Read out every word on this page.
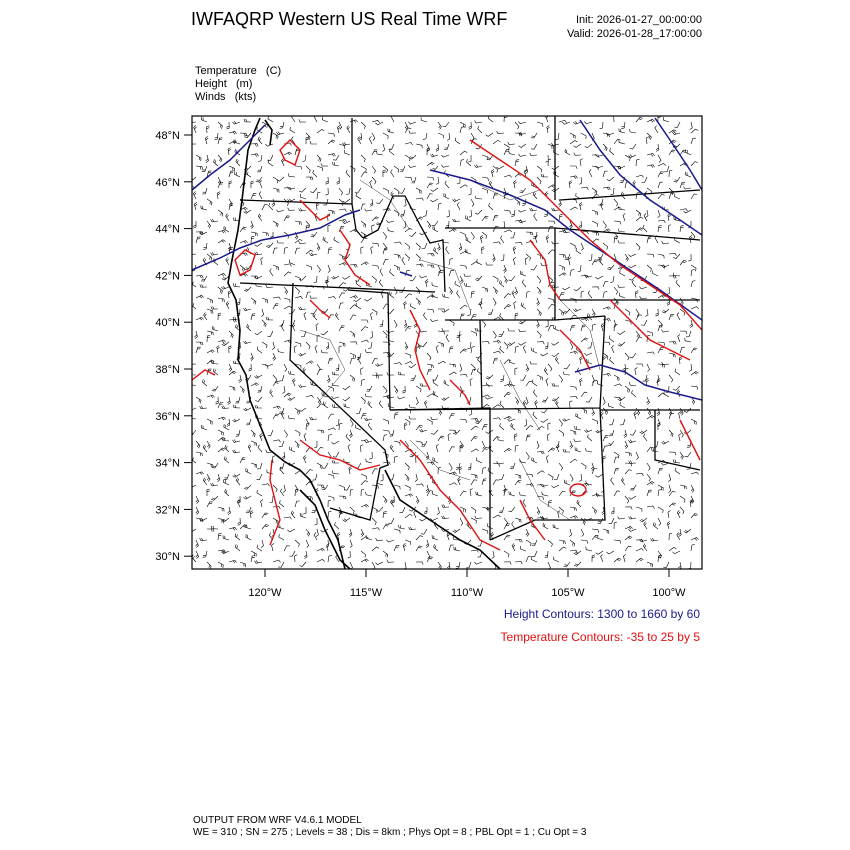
IWFAQRP Western US Real Time WRF	Init: 2026-01-27_00:00:00
Valid: 2026-01-28_17:00:00
Temperature   (C)
Height   (m)
Winds   (kts)
48°N
46°N
44°N
42°N
40°N
38°N
36°N
34°N
32°N
30°N
120°W	115°W	110°W	105°W	100°W
Height Contours: 1300 to 1660 by 60
Temperature Contours: -35 to 25 by 5
OUTPUT FROM WRF V4.6.1 MODEL
WE = 310 ; SN = 275 ; Levels = 38 ; Dis = 8km ; Phys Opt = 8 ; PBL Opt = 1 ; Cu Opt = 3
